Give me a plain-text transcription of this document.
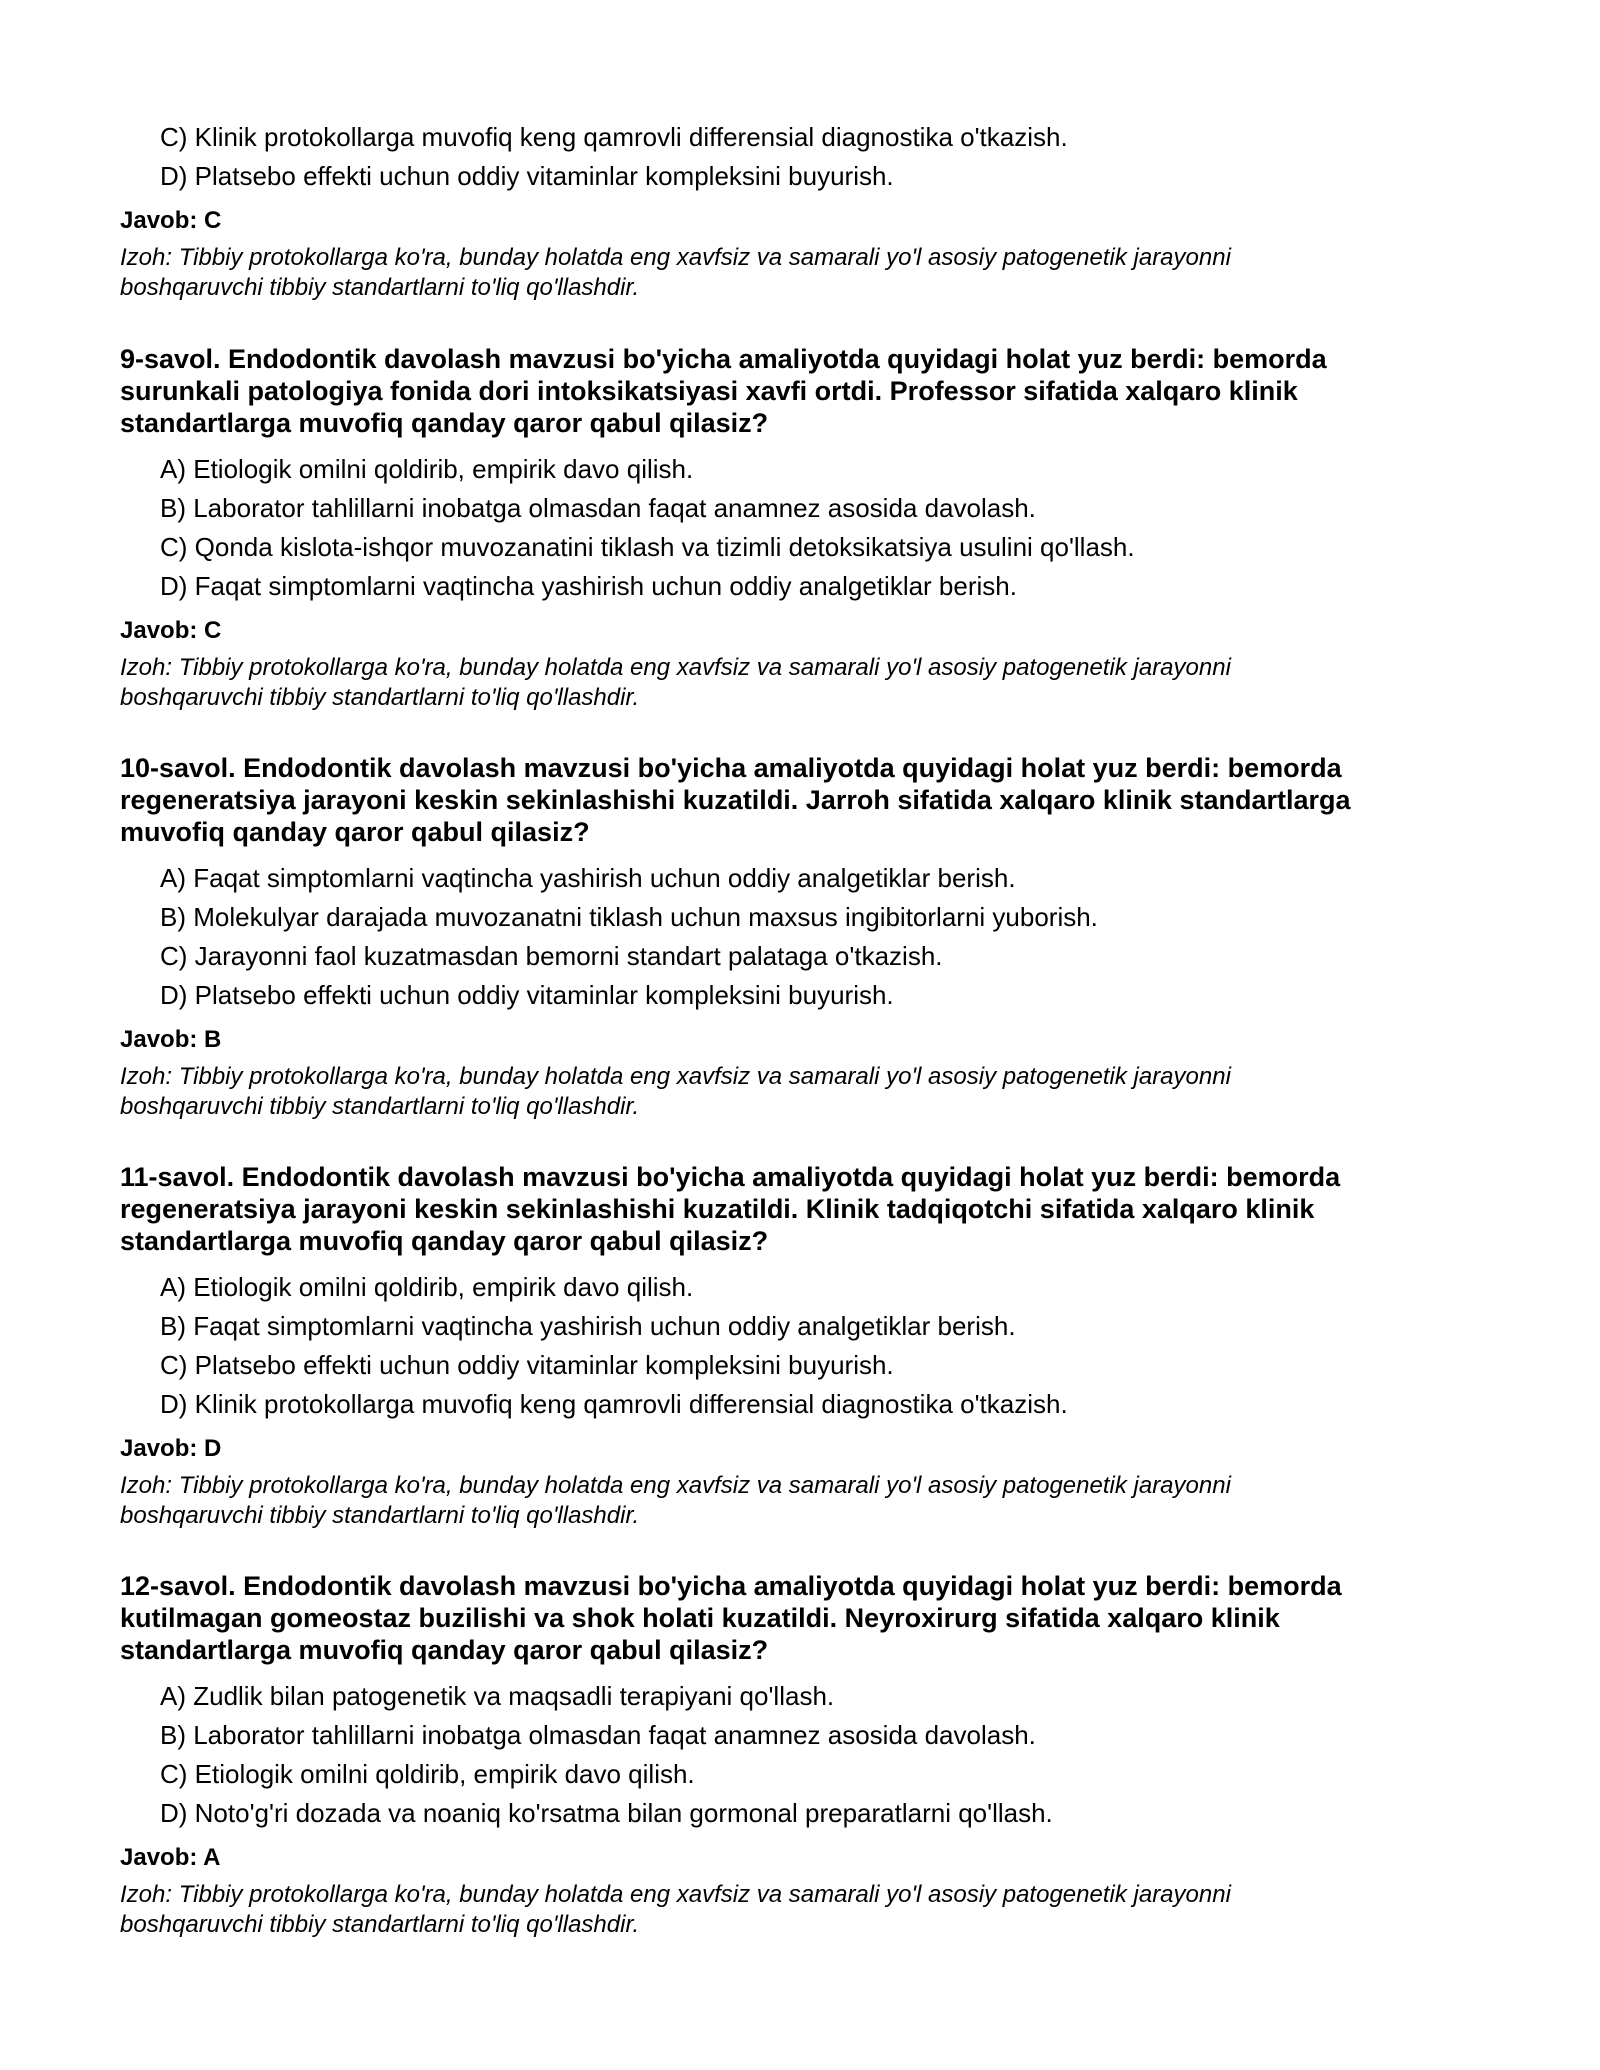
C) Klinik protokollarga muvofiq keng qamrovli differensial diagnostika o'tkazish.
D) Platsebo effekti uchun oddiy vitaminlar kompleksini buyurish.
Javob: C
Izoh: Tibbiy protokollarga ko'ra, bunday holatda eng xavfsiz va samarali yo'l asosiy patogenetik jarayonni
boshqaruvchi tibbiy standartlarni to'liq qo'llashdir.
9-savol. Endodontik davolash mavzusi bo'yicha amaliyotda quyidagi holat yuz berdi: bemorda
surunkali patologiya fonida dori intoksikatsiyasi xavfi ortdi. Professor sifatida xalqaro klinik
standartlarga muvofiq qanday qaror qabul qilasiz?
A) Etiologik omilni qoldirib, empirik davo qilish.
B) Laborator tahlillarni inobatga olmasdan faqat anamnez asosida davolash.
C) Qonda kislota-ishqor muvozanatini tiklash va tizimli detoksikatsiya usulini qo'llash.
D) Faqat simptomlarni vaqtincha yashirish uchun oddiy analgetiklar berish.
Javob: C
Izoh: Tibbiy protokollarga ko'ra, bunday holatda eng xavfsiz va samarali yo'l asosiy patogenetik jarayonni
boshqaruvchi tibbiy standartlarni to'liq qo'llashdir.
10-savol. Endodontik davolash mavzusi bo'yicha amaliyotda quyidagi holat yuz berdi: bemorda
regeneratsiya jarayoni keskin sekinlashishi kuzatildi. Jarroh sifatida xalqaro klinik standartlarga
muvofiq qanday qaror qabul qilasiz?
A) Faqat simptomlarni vaqtincha yashirish uchun oddiy analgetiklar berish.
B) Molekulyar darajada muvozanatni tiklash uchun maxsus ingibitorlarni yuborish.
C) Jarayonni faol kuzatmasdan bemorni standart palataga o'tkazish.
D) Platsebo effekti uchun oddiy vitaminlar kompleksini buyurish.
Javob: B
Izoh: Tibbiy protokollarga ko'ra, bunday holatda eng xavfsiz va samarali yo'l asosiy patogenetik jarayonni
boshqaruvchi tibbiy standartlarni to'liq qo'llashdir.
11-savol. Endodontik davolash mavzusi bo'yicha amaliyotda quyidagi holat yuz berdi: bemorda
regeneratsiya jarayoni keskin sekinlashishi kuzatildi. Klinik tadqiqotchi sifatida xalqaro klinik
standartlarga muvofiq qanday qaror qabul qilasiz?
A) Etiologik omilni qoldirib, empirik davo qilish.
B) Faqat simptomlarni vaqtincha yashirish uchun oddiy analgetiklar berish.
C) Platsebo effekti uchun oddiy vitaminlar kompleksini buyurish.
D) Klinik protokollarga muvofiq keng qamrovli differensial diagnostika o'tkazish.
Javob: D
Izoh: Tibbiy protokollarga ko'ra, bunday holatda eng xavfsiz va samarali yo'l asosiy patogenetik jarayonni
boshqaruvchi tibbiy standartlarni to'liq qo'llashdir.
12-savol. Endodontik davolash mavzusi bo'yicha amaliyotda quyidagi holat yuz berdi: bemorda
kutilmagan gomeostaz buzilishi va shok holati kuzatildi. Neyroxirurg sifatida xalqaro klinik
standartlarga muvofiq qanday qaror qabul qilasiz?
A) Zudlik bilan patogenetik va maqsadli terapiyani qo'llash.
B) Laborator tahlillarni inobatga olmasdan faqat anamnez asosida davolash.
C) Etiologik omilni qoldirib, empirik davo qilish.
D) Noto'g'ri dozada va noaniq ko'rsatma bilan gormonal preparatlarni qo'llash.
Javob: A
Izoh: Tibbiy protokollarga ko'ra, bunday holatda eng xavfsiz va samarali yo'l asosiy patogenetik jarayonni
boshqaruvchi tibbiy standartlarni to'liq qo'llashdir.
